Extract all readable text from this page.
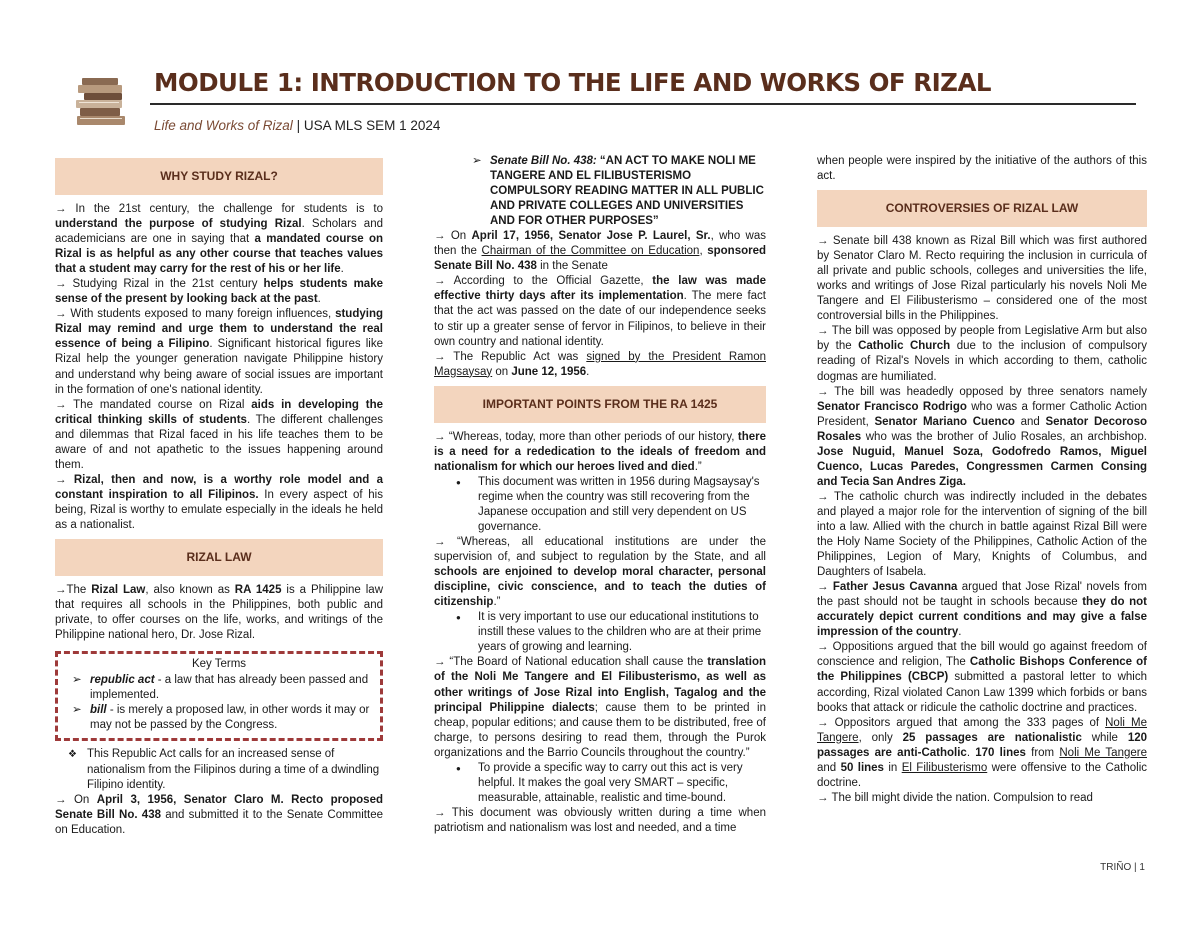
MODULE 1: INTRODUCTION TO THE LIFE AND WORKS OF RIZAL
Life and Works of Rizal | USA MLS SEM 1 2024
WHY STUDY RIZAL?

→ In the 21st century, the challenge for students is to understand the purpose of studying Rizal. Scholars and academicians are one in saying that a mandated course on Rizal is as helpful as any other course that teaches values that a student may carry for the rest of his or her life.

→ Studying Rizal in the 21st century helps students make sense of the present by looking back at the past.

→ With students exposed to many foreign influences, studying Rizal may remind and urge them to understand the real essence of being a Filipino. Significant historical figures like Rizal help the younger generation navigate Philippine history and understand why being aware of social issues are important in the formation of one's national identity.

→ The mandated course on Rizal aids in developing the critical thinking skills of students. The different challenges and dilemmas that Rizal faced in his life teaches them to be aware of and not apathetic to the issues happening around them.

→ Rizal, then and now, is a worthy role model and a constant inspiration to all Filipinos. In every aspect of his being, Rizal is worthy to emulate especially in the ideals he held as a nationalist.

RIZAL LAW

→The Rizal Law, also known as RA 1425 is a Philippine law that requires all schools in the Philippines, both public and private, to offer courses on the life, works, and writings of the Philippine national hero, Dr. Jose Rizal.

Key Terms
➢ republic act - a law that has already been passed and implemented.
➢ bill - is merely a proposed law, in other words it may or may not be passed by the Congress.
❖ This Republic Act calls for an increased sense of nationalism from the Filipinos during a time of a dwindling Filipino identity.

→ On April 3, 1956, Senator Claro M. Recto proposed Senate Bill No. 438 and submitted it to the Senate Committee on Education.

➢ Senate Bill No. 438: “AN ACT TO MAKE NOLI ME TANGERE AND EL FILIBUSTERISMO COMPULSORY READING MATTER IN ALL PUBLIC AND PRIVATE COLLEGES AND UNIVERSITIES AND FOR OTHER PURPOSES”

→ On April 17, 1956, Senator Jose P. Laurel, Sr., who was then the Chairman of the Committee on Education, sponsored Senate Bill No. 438 in the Senate

→ According to the Official Gazette, the law was made effective thirty days after its implementation. The mere fact that the act was passed on the date of our independence seeks to stir up a greater sense of fervor in Filipinos, to believe in their own country and national identity.

→ The Republic Act was signed by the President Ramon Magsaysay on June 12, 1956.

IMPORTANT POINTS FROM THE RA 1425

→ “Whereas, today, more than other periods of our history, there is a need for a rededication to the ideals of freedom and nationalism for which our heroes lived and died.”

● This document was written in 1956 during Magsaysay's regime when the country was still recovering from the Japanese occupation and still very dependent on US governance.

→ “Whereas, all educational institutions are under the supervision of, and subject to regulation by the State, and all schools are enjoined to develop moral character, personal discipline, civic conscience, and to teach the duties of citizenship.”

● It is very important to use our educational institutions to instill these values to the children who are at their prime years of growing and learning.

→ “The Board of National education shall cause the translation of the Noli Me Tangere and El Filibusterismo, as well as other writings of Jose Rizal into English, Tagalog and the principal Philippine dialects; cause them to be printed in cheap, popular editions; and cause them to be distributed, free of charge, to persons desiring to read them, through the Purok organizations and the Barrio Councils throughout the country.”

● To provide a specific way to carry out this act is very helpful. It makes the goal very SMART – specific, measurable, attainable, realistic and time-bound.

→ This document was obviously written during a time when patriotism and nationalism was lost and needed, and a time

when people were inspired by the initiative of the authors of this act.

CONTROVERSIES OF RIZAL LAW

→ Senate bill 438 known as Rizal Bill which was first authored by Senator Claro M. Recto requiring the inclusion in curricula of all private and public schools, colleges and universities the life, works and writings of Jose Rizal particularly his novels Noli Me Tangere and El Filibusterismo – considered one of the most controversial bills in the Philippines.

→ The bill was opposed by people from Legislative Arm but also by the Catholic Church due to the inclusion of compulsory reading of Rizal's Novels in which according to them, catholic dogmas are humiliated.

→ The bill was headedly opposed by three senators namely Senator Francisco Rodrigo who was a former Catholic Action President, Senator Mariano Cuenco and Senator Decoroso Rosales who was the brother of Julio Rosales, an archbishop. Jose Nuguid, Manuel Soza, Godofredo Ramos, Miguel Cuenco, Lucas Paredes, Congressmen Carmen Consing and Tecia San Andres Ziga.

→ The catholic church was indirectly included in the debates and played a major role for the intervention of signing of the bill into a law. Allied with the church in battle against Rizal Bill were the Holy Name Society of the Philippines, Catholic Action of the Philippines, Legion of Mary, Knights of Columbus, and Daughters of Isabela.

→ Father Jesus Cavanna argued that Jose Rizal' novels from the past should not be taught in schools because they do not accurately depict current conditions and may give a false impression of the country.

→ Oppositions argued that the bill would go against freedom of conscience and religion, The Catholic Bishops Conference of the Philippines (CBCP) submitted a pastoral letter to which according, Rizal violated Canon Law 1399 which forbids or bans books that attack or ridicule the catholic doctrine and practices.

→ Oppositors argued that among the 333 pages of Noli Me Tangere, only 25 passages are nationalistic while 120 passages are anti-Catholic. 170 lines from Noli Me Tangere and 50 lines in El Filibusterismo were offensive to the Catholic doctrine.

→ The bill might divide the nation. Compulsion to read

TRIÑO | 1
